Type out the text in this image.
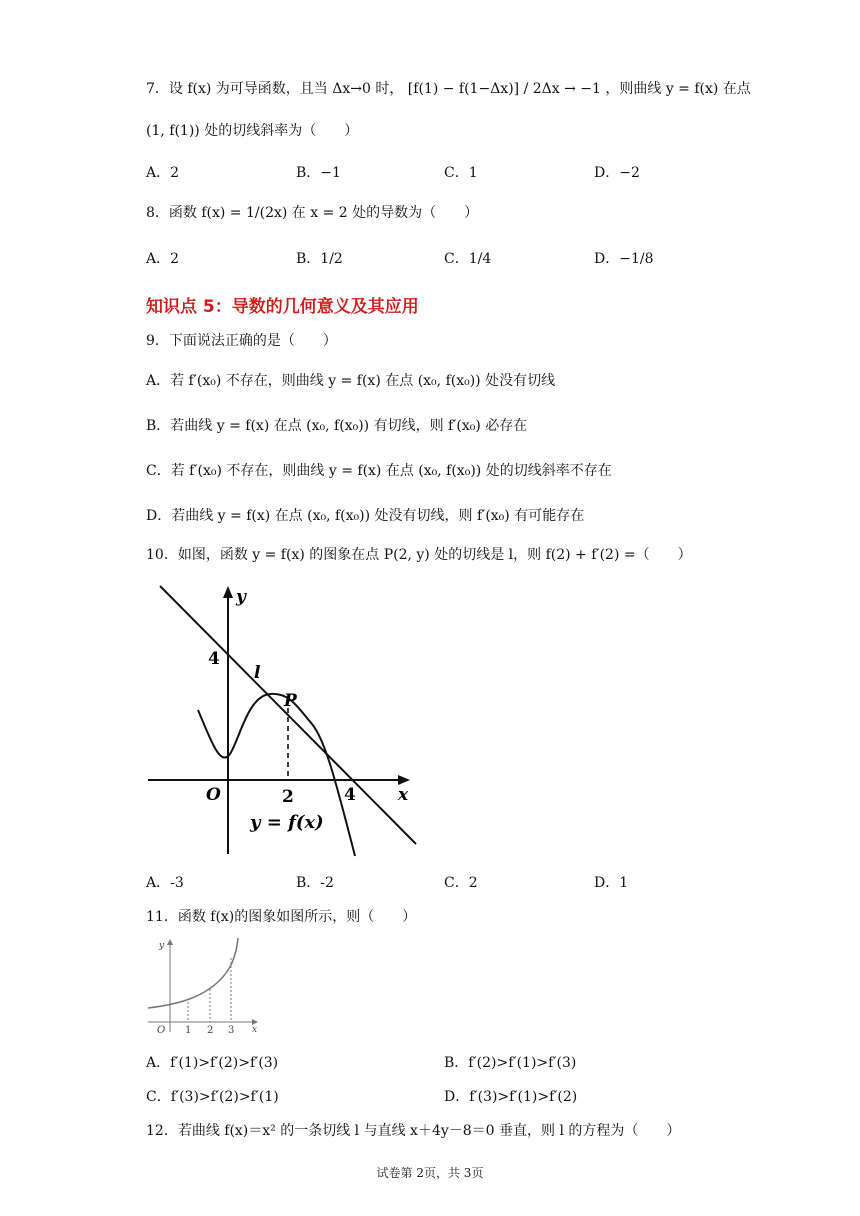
7．设 f(x) 为可导函数，且当 Δx→0 时， [f(1) − f(1−Δx)] / 2Δx → −1 ，则曲线 y = f(x) 在点
(1, f(1)) 处的切线斜率为（　　）
A．2	B．−1	C．1	D．−2
8．函数 f(x) = 1/(2x) 在 x = 2 处的导数为（　　）
A．2	B．1/2	C．1/4	D．−1/8
知识点 5：导数的几何意义及其应用
9．下面说法正确的是（　　）
A．若 f′(x₀) 不存在，则曲线 y = f(x) 在点 (x₀, f(x₀)) 处没有切线
B．若曲线 y = f(x) 在点 (x₀, f(x₀)) 有切线，则 f′(x₀) 必存在
C．若 f′(x₀) 不存在，则曲线 y = f(x) 在点 (x₀, f(x₀)) 处的切线斜率不存在
D．若曲线 y = f(x) 在点 (x₀, f(x₀)) 处没有切线，则 f′(x₀) 有可能存在
10．如图，函数 y = f(x) 的图象在点 P(2, y) 处的切线是 l，则 f(2) + f′(2) =（　　）
y
x
O
4
2	4
l
P
y = f(x)
A．-3	B．-2	C．2	D．1
11．函数 f(x)的图象如图所示，则（　　）
y
x
O 1 2 3
A．f′(1)>f′(2)>f′(3)	B．f′(2)>f′(1)>f′(3)
C．f′(3)>f′(2)>f′(1)	D．f′(3)>f′(1)>f′(2)
12．若曲线 f(x)＝x² 的一条切线 l 与直线 x＋4y－8＝0 垂直，则 l 的方程为（　　）
试卷第 2页，共 3页
